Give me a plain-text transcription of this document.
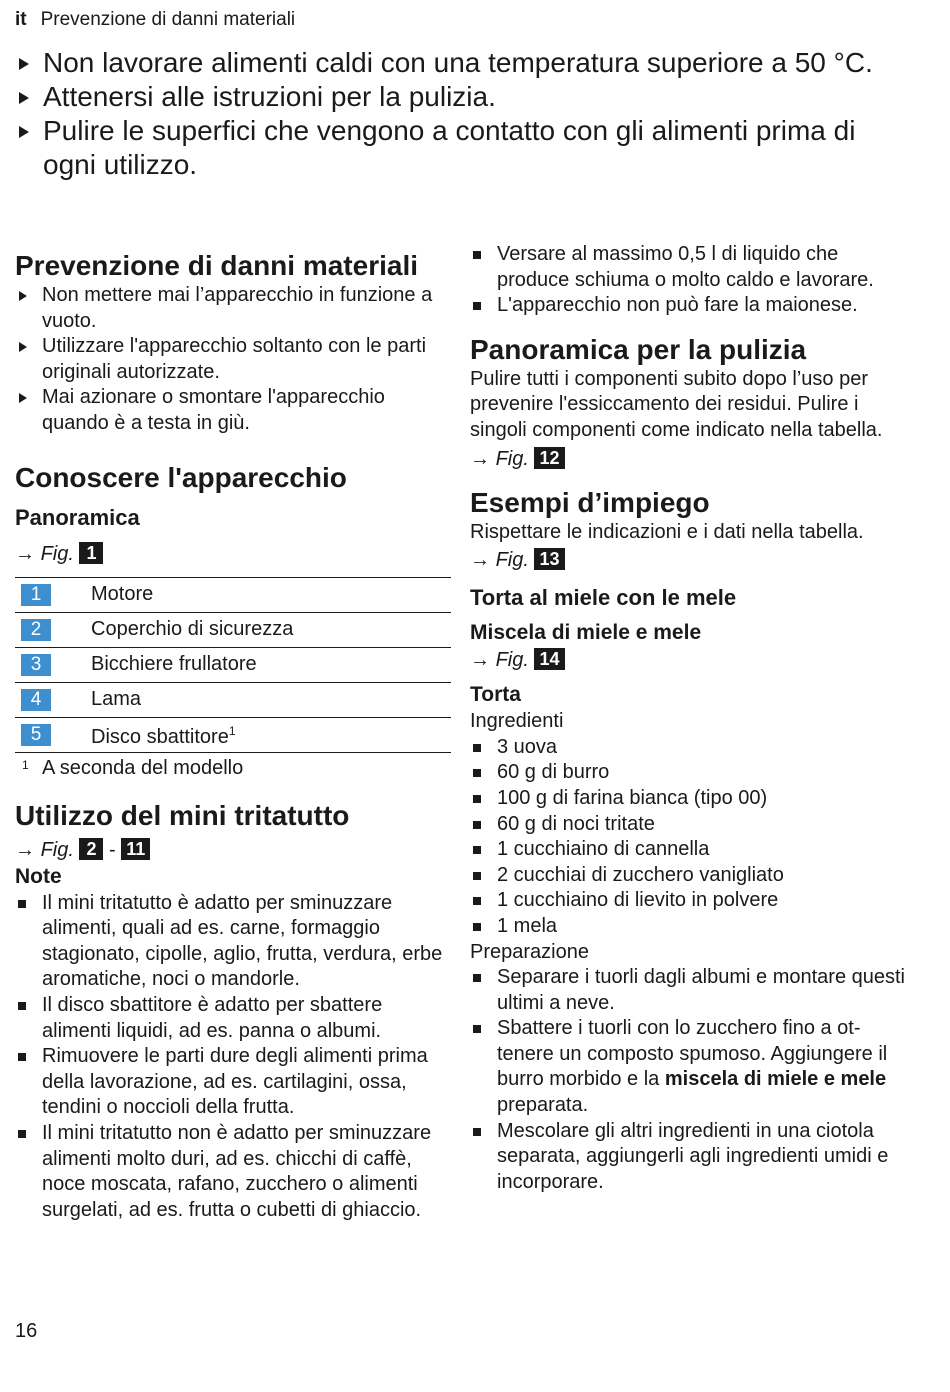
it Prevenzione di danni materiali
Non lavorare alimenti caldi con una temperatura superiore a 50 °C.
Attenersi alle istruzioni per la pulizia.
Pulire le superfici che vengono a contatto con gli alimenti prima di ogni utilizzo.
Prevenzione di danni materiali
Non mettere mai l’apparecchio in funzione a vuoto.
Utilizzare l'apparecchio soltanto con le parti originali autorizzate.
Mai azionare o smontare l'apparecchio quando è a testa in giù.
Conoscere l'apparecchio
Panoramica
→ Fig. 1
1	Motore
2	Coperchio di sicurezza
3	Bicchiere frullatore
4	Lama
5	Disco sbattitore$^1$
1 A seconda del modello
Utilizzo del mini tritatutto
→ Fig. 2 - 11
Note
Il mini tritatutto è adatto per sminuzzare alimenti, quali ad es. carne, formaggio stagionato, cipolle, aglio, frutta, verdura, erbe aromatiche, noci o mandorle.
Il disco sbattitore è adatto per sbattere alimenti liquidi, ad es. panna o albumi.
Rimuovere le parti dure degli alimenti prima della lavorazione, ad es. cartilagini, ossa, tendini o noccioli della frutta.
Il mini tritatutto non è adatto per sminuzzare alimenti molto duri, ad es. chicchi di caffè, noce moscata, rafano, zucchero o alimenti surgelati, ad es. frutta o cubetti di ghiaccio.
Versare al massimo 0,5 l di liquido che produce schiuma o molto caldo e lavorare.
L'apparecchio non può fare la maionese.
Panoramica per la pulizia
Pulire tutti i componenti subito dopo l’uso per prevenire l'essiccamento dei residui. Pulire i singoli componenti come indicato nella tabella.
→ Fig. 12
Esempi d’impiego
Rispettare le indicazioni e i dati nella tabella.
→ Fig. 13
Torta al miele con le mele
Miscela di miele e mele
→ Fig. 14
Torta
Ingredienti
3 uova
60 g di burro
100 g di farina bianca (tipo 00)
60 g di noci tritate
1 cucchiaino di cannella
2 cucchiai di zucchero vanigliato
1 cucchiaino di lievito in polvere
1 mela
Preparazione
Separare i tuorli dagli albumi e montare questi ultimi a neve.
Sbattere i tuorli con lo zucchero fino a ottenere un composto spumoso. Aggiungere il burro morbido e la miscela di miele e mele preparata.
Mescolare gli altri ingredienti in una ciotola separata, aggiungerli agli ingredienti umidi e incorporare.
16
